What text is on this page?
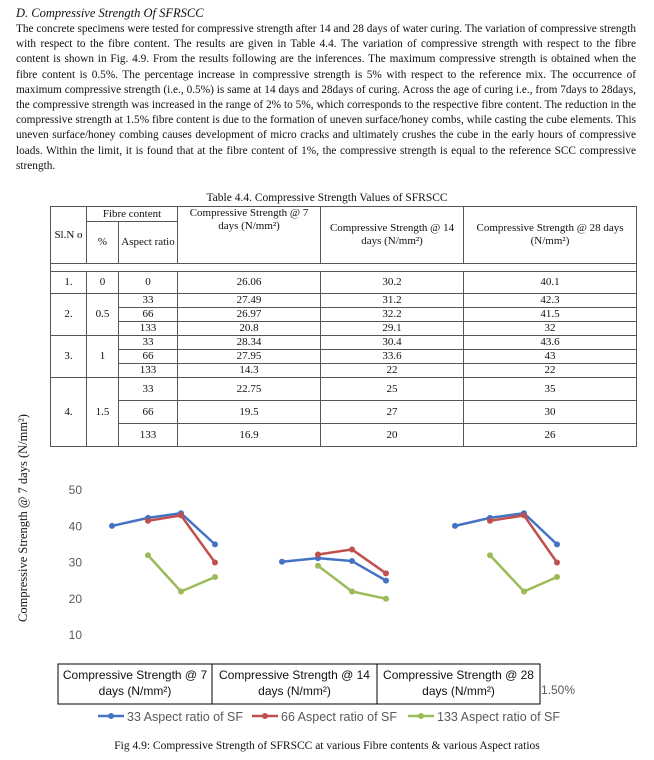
D. Compressive Strength Of SFRSCC

The concrete specimens were tested for compressive strength after 14 and 28 days of water curing. The variation of compressive strength with respect to the fibre content. The results are given in Table 4.4. The variation of compressive strength with respect to the fibre content is shown in Fig. 4.9. From the results following are the inferences. The maximum compressive strength is obtained when the fibre content is 0.5%. The percentage increase in compressive strength is 5% with respect to the reference mix. The occurrence of maximum compressive strength (i.e., 0.5%) is same at 14 days and 28days of curing. Across the age of curing i.e., from 7days to 28days, the compressive strength was increased in the range of 2% to 5%, which corresponds to the respective fibre content. The reduction in the compressive strength at 1.5% fibre content is due to the formation of uneven surface/honey combs, while casting the cube elements. This uneven surface/honey combing causes development of micro cracks and ultimately crushes the cube in the early hours of compressive loads. Within the limit, it is found that at the fibre content of 1%, the compressive strength is equal to the reference SCC compressive strength.

Table 4.4. Compressive Strength Values of SFRSCC
Sl.N o	Fibre content		Compressive Strength @ 7 days (N/mm²)	Compressive Strength @ 14 days (N/mm²)	Compressive Strength @ 28 days (N/mm²)
	%	Aspect ratio			

1.	0	0	26.06	30.2	40.1
2.	0.5	33	27.49	31.2	42.3
		66	26.97	32.2	41.5
		133	20.8	29.1	32
3.	1	33	28.34	30.4	43.6
		66	27.95	33.6	43
		133	14.3	22	22
4.	1.5	33	22.75	25	35
		66	19.5	27	30
		133	16.9	20	26
Compressive Strength @ 7 days (N/mm²)
10
20
30
40
50
Compressive Strength @ 7
days (N/mm²)
Compressive Strength @ 14
days (N/mm²)
Compressive Strength @ 28
days (N/mm²)	1.50%
33 Aspect ratio of SF	66 Aspect ratio of SF	133 Aspect ratio of SF
Fig 4.9: Compressive Strength of SFRSCC at various Fibre contents & various Aspect ratios
